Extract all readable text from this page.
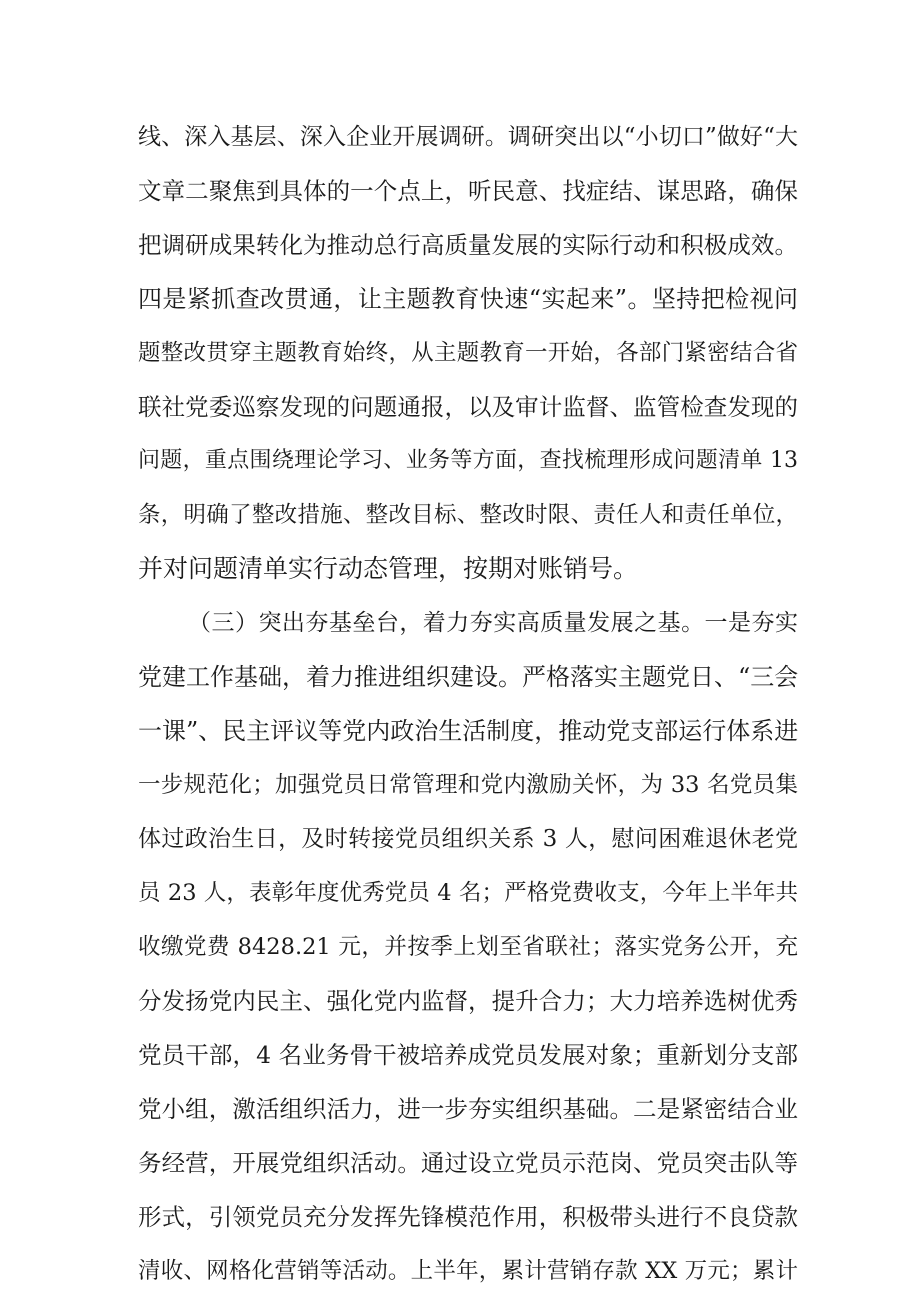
线、深入基层、深入企业开展调研。调研突出以“小切口”做好“大
文章二聚焦到具体的一个点上，听民意、找症结、谋思路，确保
把调研成果转化为推动总行高质量发展的实际行动和积极成效。
四是紧抓查改贯通，让主题教育快速“实起来”。坚持把检视问
题整改贯穿主题教育始终，从主题教育一开始，各部门紧密结合省
联社党委巡察发现的问题通报，以及审计监督、监管检查发现的
问题，重点围绕理论学习、业务等方面，查找梳理形成问题清单 13
条，明确了整改措施、整改目标、整改时限、责任人和责任单位，
并对问题清单实行动态管理，按期对账销号。
（三）突出夯基垒台，着力夯实高质量发展之基。一是夯实
党建工作基础，着力推进组织建设。严格落实主题党日、“三会
一课”、民主评议等党内政治生活制度，推动党支部运行体系进
一步规范化；加强党员日常管理和党内激励关怀，为 33 名党员集
体过政治生日，及时转接党员组织关系 3 人，慰问困难退休老党
员 23 人，表彰年度优秀党员 4 名；严格党费收支，今年上半年共
收缴党费 8428.21 元，并按季上划至省联社；落实党务公开，充
分发扬党内民主、强化党内监督，提升合力；大力培养选树优秀
党员干部，4 名业务骨干被培养成党员发展对象；重新划分支部
党小组，激活组织活力，进一步夯实组织基础。二是紧密结合业
务经营，开展党组织活动。通过设立党员示范岗、党员突击队等
形式，引领党员充分发挥先锋模范作用，积极带头进行不良贷款
清收、网格化营销等活动。上半年，累计营销存款 XX 万元；累计
